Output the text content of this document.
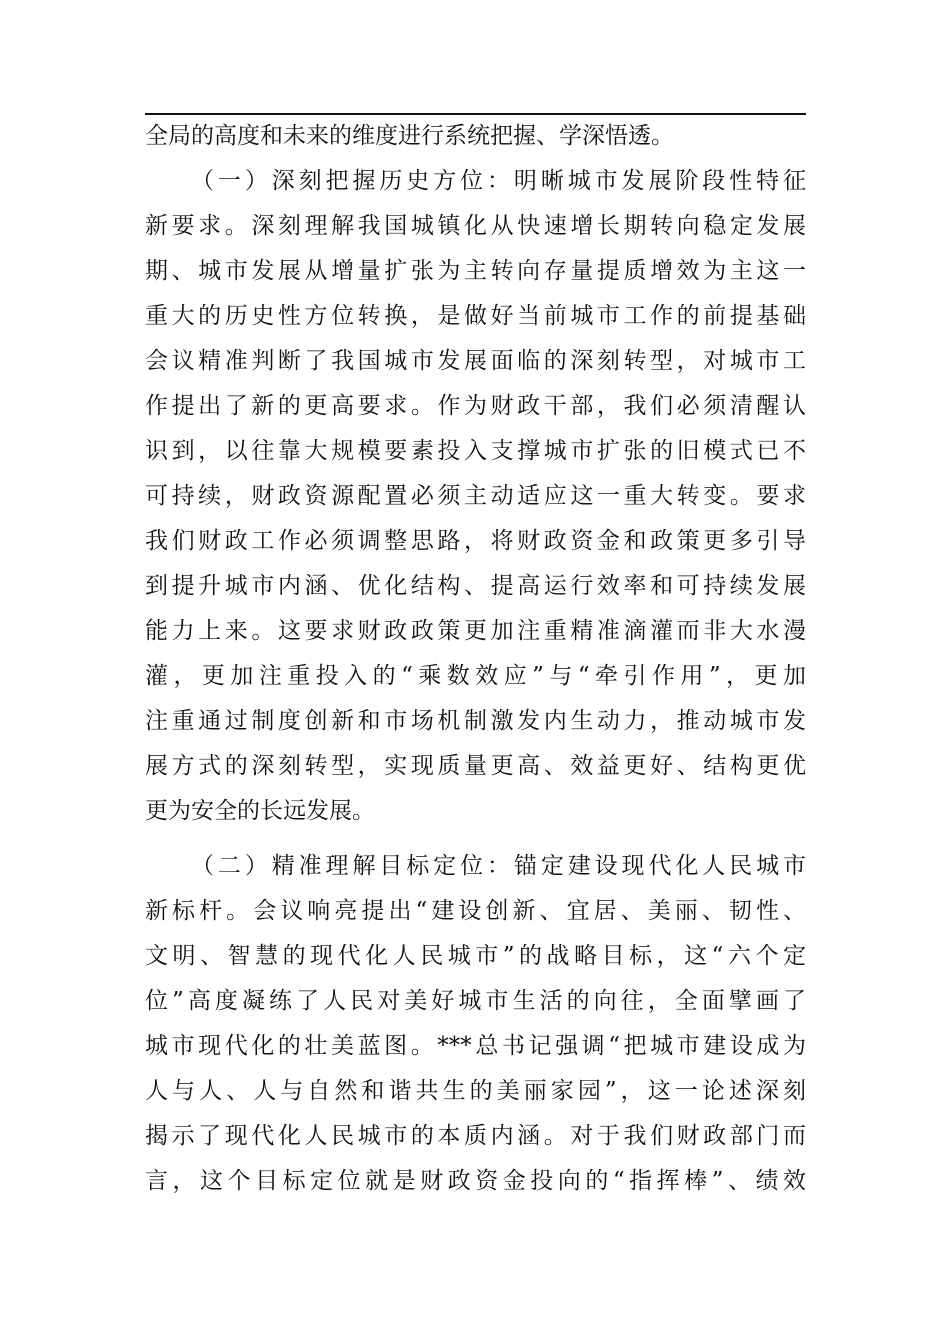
全局的高度和未来的维度进行系统把握、学深悟透。
（一）深刻把握历史方位：明晰城市发展阶段性特征
新要求。深刻理解我国城镇化从快速增长期转向稳定发展
期、城市发展从增量扩张为主转向存量提质增效为主这一
重大的历史性方位转换，是做好当前城市工作的前提基础
会议精准判断了我国城市发展面临的深刻转型，对城市工
作提出了新的更高要求。作为财政干部，我们必须清醒认
识到，以往靠大规模要素投入支撑城市扩张的旧模式已不
可持续，财政资源配置必须主动适应这一重大转变。要求
我们财政工作必须调整思路，将财政资金和政策更多引导
到提升城市内涵、优化结构、提高运行效率和可持续发展
能力上来。这要求财政政策更加注重精准滴灌而非大水漫
灌，更加注重投入的“乘数效应”与“牵引作用”，更加
注重通过制度创新和市场机制激发内生动力，推动城市发
展方式的深刻转型，实现质量更高、效益更好、结构更优
更为安全的长远发展。
（二）精准理解目标定位：锚定建设现代化人民城市
新标杆。会议响亮提出“建设创新、宜居、美丽、韧性、
文明、智慧的现代化人民城市”的战略目标，这“六个定
位”高度凝练了人民对美好城市生活的向往，全面擘画了
城市现代化的壮美蓝图。***总书记强调“把城市建设成为
人与人、人与自然和谐共生的美丽家园”，这一论述深刻
揭示了现代化人民城市的本质内涵。对于我们财政部门而
言，这个目标定位就是财政资金投向的“指挥棒”、绩效
